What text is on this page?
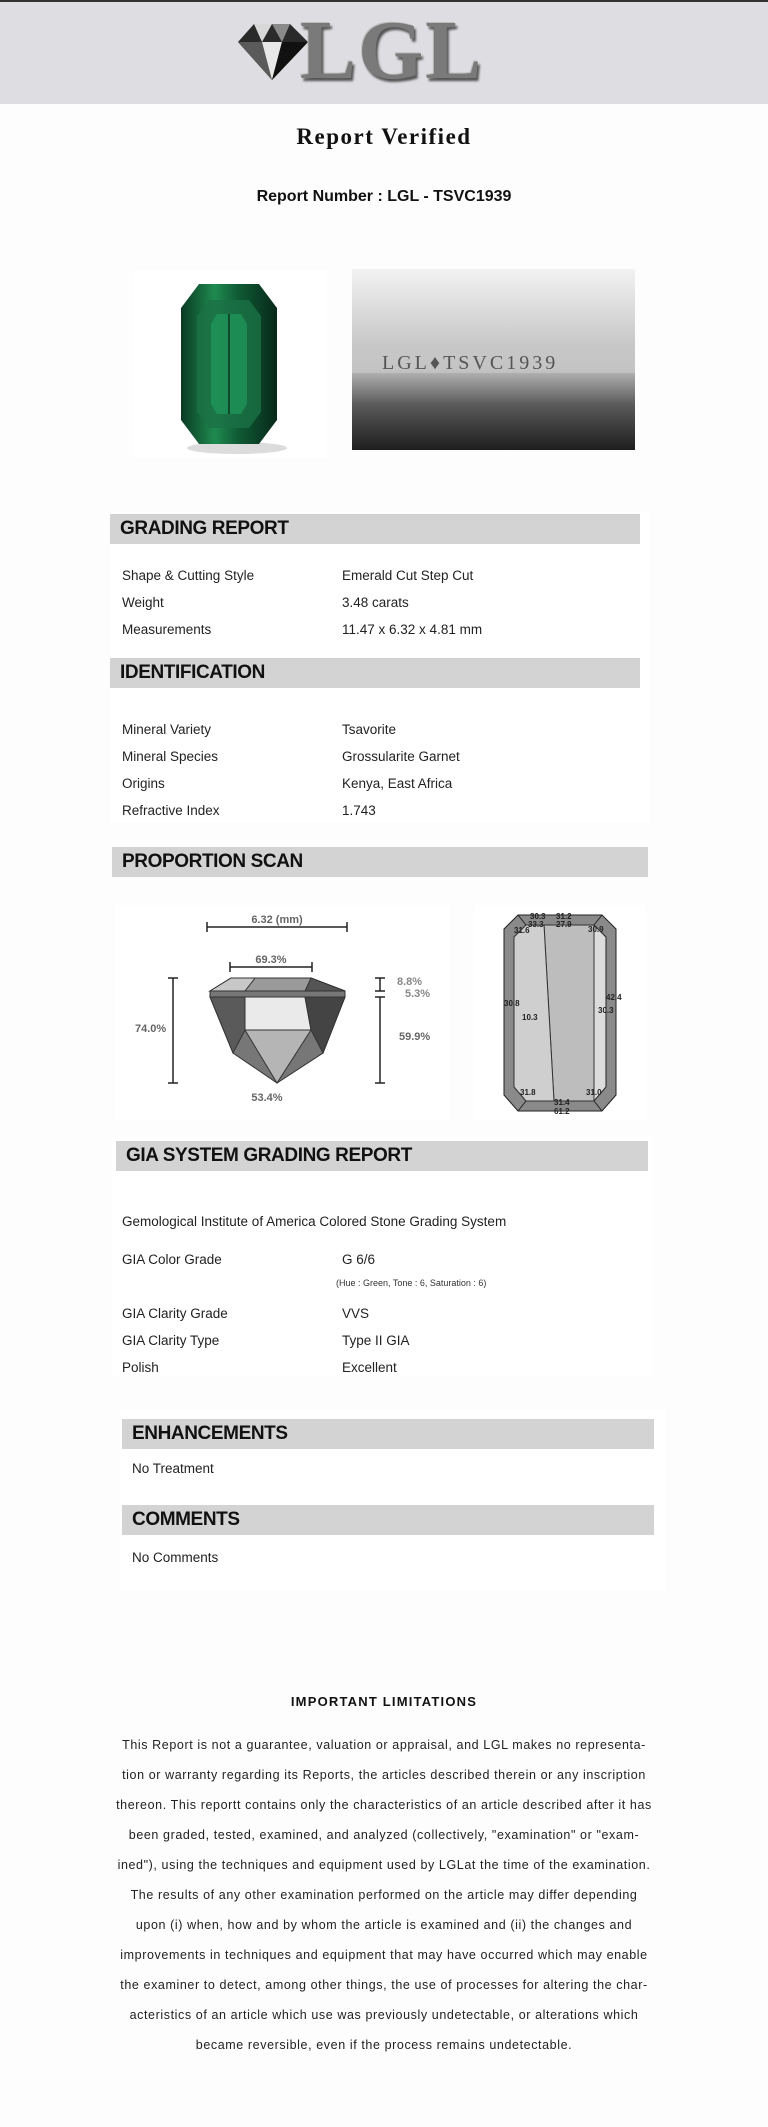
LGL
Report Verified
Report Number : LGL - TSVC1939
LGL♦TSVC1939
GRADING REPORT
Shape & Cutting Style	Emerald Cut Step Cut
Weight	3.48 carats
Measurements	11.47 x 6.32 x 4.81 mm
IDENTIFICATION
Mineral Variety	Tsavorite
Mineral Species	Grossularite Garnet
Origins	Kenya, East Africa
Refractive Index	1.743
PROPORTION SCAN
6.32 (mm)
69.3%
74.0%
8.8%
5.3%
59.9%
53.4%
30.3
33.3
31.2
31.6
27.9
30.9
30.8
10.3
42.4
30.3
31.8	31.0
31.4
61.2
GIA SYSTEM GRADING REPORT
Gemological Institute of America Colored Stone Grading System
GIA Color Grade	G 6/6
(Hue : Green, Tone : 6, Saturation : 6)
GIA Clarity Grade	VVS
GIA Clarity Type	Type II GIA
Polish	Excellent
ENHANCEMENTS
No Treatment
COMMENTS
No Comments
IMPORTANT LIMITATIONS
This Report is not a guarantee, valuation or appraisal, and LGL makes no representa-
tion or warranty regarding its Reports, the articles described therein or any inscription
thereon. This reportt contains only the characteristics of an article described after it has
been graded, tested, examined, and analyzed (collectively, "examination" or "exam-
ined"), using the techniques and equipment used by LGLat the time of the examination.
The results of any other examination performed on the article may differ depending
upon (i) when, how and by whom the article is examined and (ii) the changes and
improvements in techniques and equipment that may have occurred which may enable
the examiner to detect, among other things, the use of processes for altering the char-
acteristics of an article which use was previously undetectable, or alterations which
became reversible, even if the process remains undetectable.
